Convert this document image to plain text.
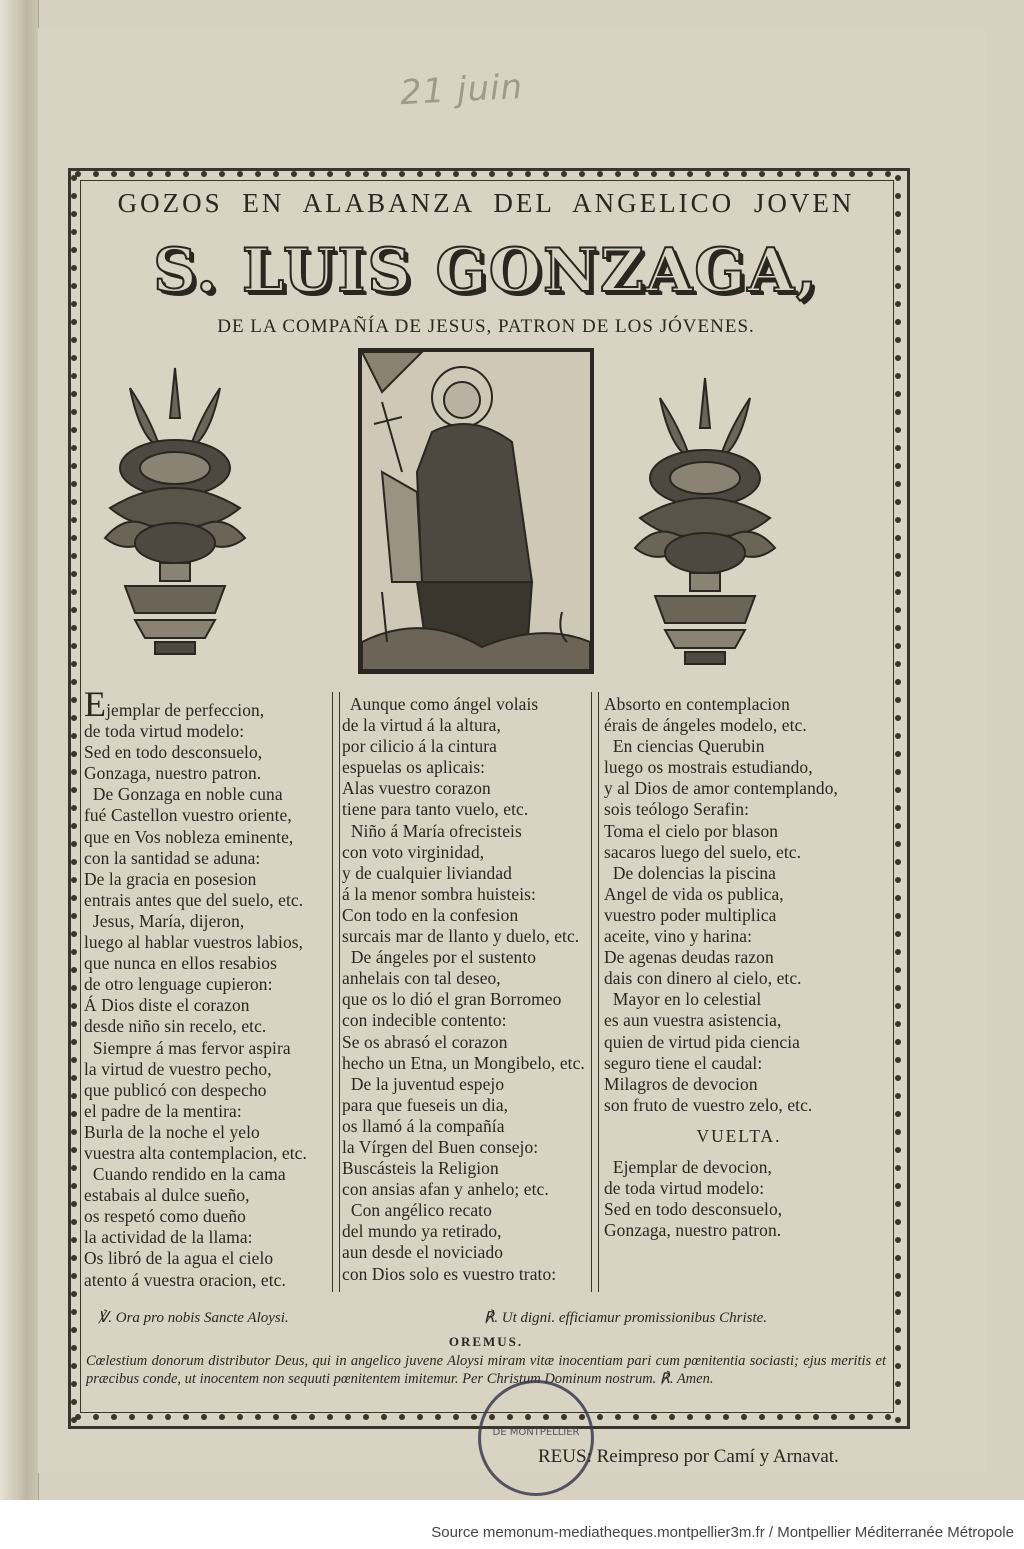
21 juin
GOZOS EN ALABANZA DEL ANGELICO JOVEN
S. LUIS GONZAGA,
DE LA COMPAÑÍA DE JESUS, PATRON DE LOS JÓVENES.
Ejemplar de perfeccion,
de toda virtud modelo:
Sed en todo desconsuelo,
Gonzaga, nuestro patron.
De Gonzaga en noble cuna
fué Castellon vuestro oriente,
que en Vos nobleza eminente,
con la santidad se aduna:
De la gracia en posesion
entrais antes que del suelo, etc.
Jesus, María, dijeron,
luego al hablar vuestros labios,
que nunca en ellos resabios
de otro lenguage cupieron:
Á Dios diste el corazon
desde niño sin recelo, etc.
Siempre á mas fervor aspira
la virtud de vuestro pecho,
que publicó con despecho
el padre de la mentira:
Burla de la noche el yelo
vuestra alta contemplacion, etc.
Cuando rendido en la cama
estabais al dulce sueño,
os respetó como dueño
la actividad de la llama:
Os libró de la agua el cielo
atento á vuestra oracion, etc.
Aunque como ángel volais
de la virtud á la altura,
por cilicio á la cintura
espuelas os aplicais:
Alas vuestro corazon
tiene para tanto vuelo, etc.
Niño á María ofrecisteis
con voto virginidad,
y de cualquier liviandad
á la menor sombra huisteis:
Con todo en la confesion
surcais mar de llanto y duelo, etc.
De ángeles por el sustento
anhelais con tal deseo,
que os lo dió el gran Borromeo
con indecible contento:
Se os abrasó el corazon
hecho un Etna, un Mongibelo, etc.
De la juventud espejo
para que fueseis un dia,
os llamó á la compañía
la Vírgen del Buen consejo:
Buscásteis la Religion
con ansias afan y anhelo; etc.
Con angélico recato
del mundo ya retirado,
aun desde el noviciado
con Dios solo es vuestro trato:
Absorto en contemplacion
érais de ángeles modelo, etc.
En ciencias Querubin
luego os mostrais estudiando,
y al Dios de amor contemplando,
sois teólogo Serafin:
Toma el cielo por blason
sacaros luego del suelo, etc.
De dolencias la piscina
Angel de vida os publica,
vuestro poder multiplica
aceite, vino y harina:
De agenas deudas razon
dais con dinero al cielo, etc.
Mayor en lo celestial
es aun vuestra asistencia,
quien de virtud pida ciencia
seguro tiene el caudal:
Milagros de devocion
son fruto de vuestro zelo, etc.
VUELTA.
Ejemplar de devocion,
de toda virtud modelo:
Sed en todo desconsuelo,
Gonzaga, nuestro patron.
℣. Ora pro nobis Sancte Aloysi.	℟. Ut digni. efficiamur promissionibus Christe.
OREMUS.
Cœlestium donorum distributor Deus, qui in angelico juvene Aloysi miram vitæ inocentiam pari cum pœnitentia sociasti; ejus meritis et præcibus conde, ut inocentem non sequuti pœnitentem imitemur. Per Christum Dominum nostrum. ℟. Amen.
DE MONTPELLIER
REUS: Reimpreso por Camí y Arnavat.
Source memonum-mediatheques.montpellier3m.fr / Montpellier Méditerranée Métropole
